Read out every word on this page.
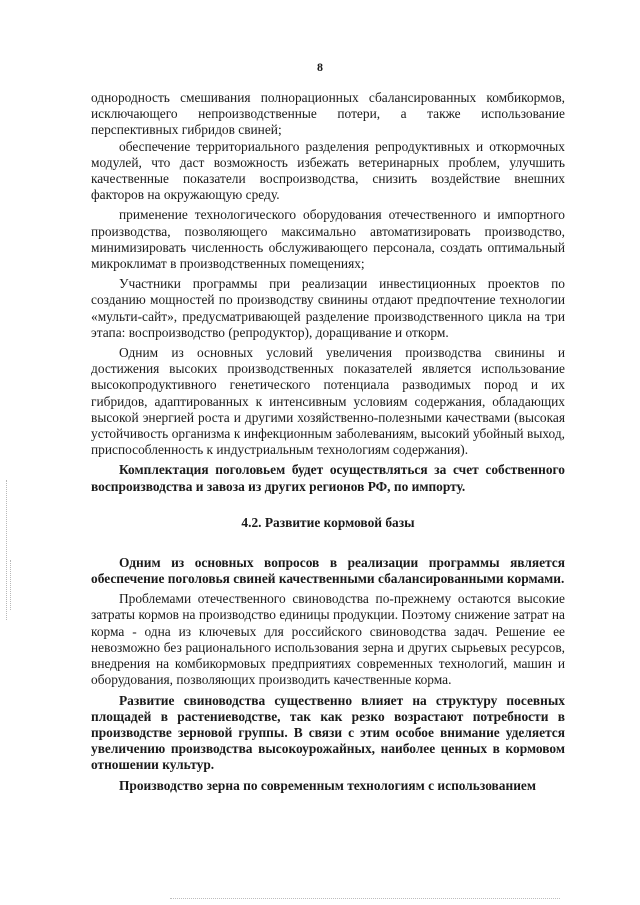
8

однородность смешивания полнорационных сбалансированных комбикормов, исключающего непроизводственные потери, а также использование перспективных гибридов свиней;

обеспечение территориального разделения репродуктивных и откормочных модулей, что даст возможность избежать ветеринарных проблем, улучшить качественные показатели воспроизводства, снизить воздействие внешних факторов на окружающую среду.

применение технологического оборудования отечественного и импортного производства, позволяющего максимально автоматизировать производство, минимизировать численность обслуживающего персонала, создать оптимальный микроклимат в производственных помещениях;

Участники программы при реализации инвестиционных проектов по созданию мощностей по производству свинины отдают предпочтение технологии «мульти-сайт», предусматривающей разделение производственного цикла на три этапа: воспроизводство (репродуктор), доращивание и откорм.

Одним из основных условий увеличения производства свинины и достижения высоких производственных показателей является использование высокопродуктивного генетического потенциала разводимых пород и их гибридов, адаптированных к интенсивным условиям содержания, обладающих высокой энергией роста и другими хозяйственно-полезными качествами (высокая устойчивость организма к инфекционным заболеваниям, высокий убойный выход, приспособленность к индустриальным технологиям содержания).

Комплектация поголовьем будет осуществляться за счет собственного воспроизводства и завоза из других регионов РФ, по импорту.

4.2. Развитие кормовой базы

Одним из основных вопросов в реализации программы является обеспечение поголовья свиней качественными сбалансированными кормами.

Проблемами отечественного свиноводства по-прежнему остаются высокие затраты кормов на производство единицы продукции. Поэтому снижение затрат на корма - одна из ключевых для российского свиноводства задач. Решение ее невозможно без рационального использования зерна и других сырьевых ресурсов, внедрения на комбикормовых предприятиях современных технологий, машин и оборудования, позволяющих производить качественные корма.

Развитие свиноводства существенно влияет на структуру посевных площадей в растениеводстве, так как резко возрастают потребности в производстве зерновой группы. В связи с этим особое внимание уделяется увеличению производства высокоурожайных, наиболее ценных в кормовом отношении культур.

Производство зерна по современным технологиям с использованием
